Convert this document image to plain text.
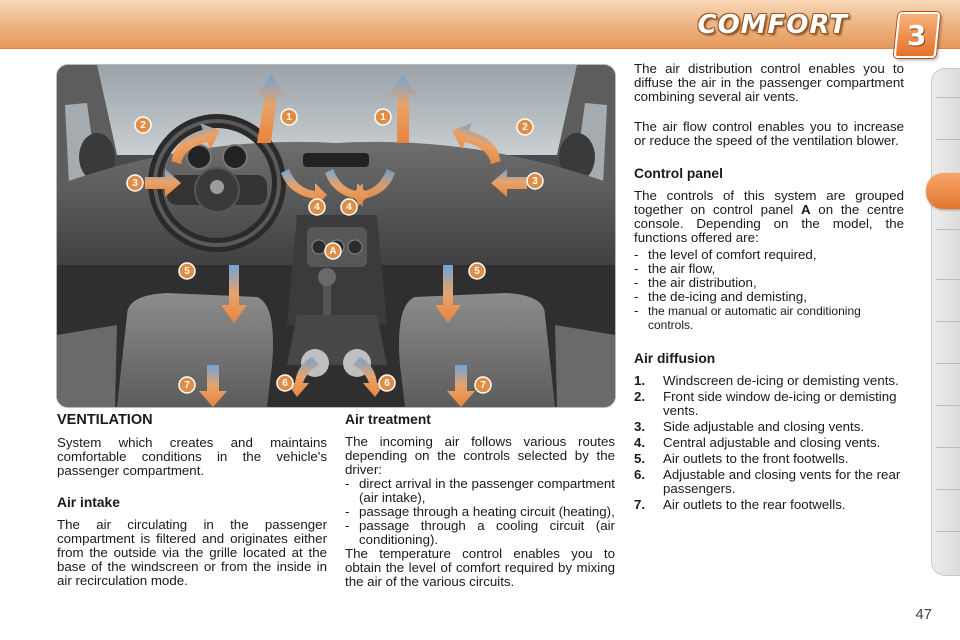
COMFORT 3
1	1
2	2
3	3
4	4
A
5	5
6	6
7	7

VENTILATION

System which creates and maintains comfortable conditions in the vehicle's passenger compartment.

Air intake

The air circulating in the passenger compartment is filtered and originates either from the outside via the grille located at the base of the windscreen or from the inside in air recirculation mode.

Air treatment

The incoming air follows various routes depending on the controls selected by the driver:

- direct arrival in the passenger compartment (air intake),
- passage through a heating circuit (heating),
- passage through a cooling circuit (air conditioning).

The temperature control enables you to obtain the level of comfort required by mixing the air of the various circuits.

The air distribution control enables you to diffuse the air in the passenger compartment combining several air vents.

The air flow control enables you to increase or reduce the speed of the ventilation blower.

Control panel

The controls of this system are grouped together on control panel A on the centre console. Depending on the model, the functions offered are:

- the level of comfort required,
- the air flow,
- the air distribution,
- the de-icing and demisting,
- the manual or automatic air conditioning controls.

Air diffusion

1.	Windscreen de-icing or demisting vents.
2.	Front side window de-icing or demisting vents.
3.	Side adjustable and closing vents.
4.	Central adjustable and closing vents.
5.	Air outlets to the front footwells.
6.	Adjustable and closing vents for the rear passengers.
7.	Air outlets to the rear footwells.
47
